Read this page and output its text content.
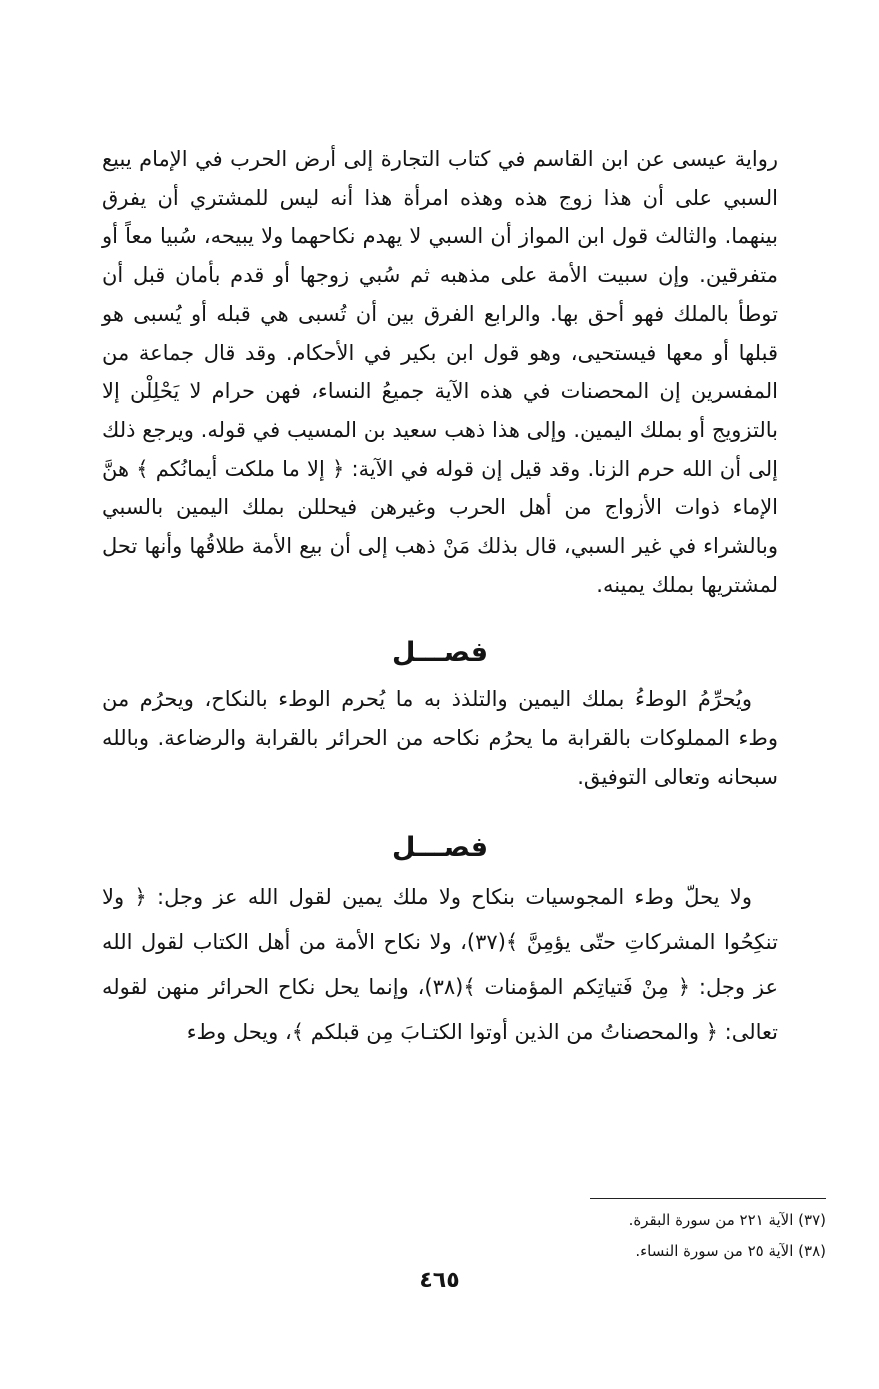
رواية عيسى عن ابن القاسم في كتاب التجارة إلى أرض الحرب في الإمام يبيع السبي على أن هذا زوج هذه وهذه امرأة هذا أنه ليس للمشتري أن يفرق بينهما. والثالث قول ابن المواز أن السبي لا يهدم نكاحهما ولا يبيحه، سُبيا معاً أو متفرقين. وإن سبيت الأمة على مذهبه ثم سُبي زوجها أو قدم بأمان قبل أن توطأ بالملك فهو أحق بها. والرابع الفرق بين أن تُسبى هي قبله أو يُسبى هو قبلها أو معها فيستحيى، وهو قول ابن بكير في الأحكام. وقد قال جماعة من المفسرين إن المحصنات في هذه الآية جميعُ النساء، فهن حرام لا يَحْلِلْن إلا بالتزويج أو بملك اليمين. وإلى هذا ذهب سعيد بن المسيب في قوله. ويرجع ذلك إلى أن الله حرم الزنا. وقد قيل إن قوله في الآية: ﴿ إلا ما ملكت أيمانُكم ﴾ هنَّ الإماء ذوات الأزواج من أهل الحرب وغيرهن فيحللن بملك اليمين بالسبي وبالشراء في غير السبي، قال بذلك مَنْ ذهب إلى أن بيع الأمة طلاقُها وأنها تحل لمشتريها بملك يمينه.

فصـــل

ويُحرِّمُ الوطءُ بملك اليمين والتلذذ به ما يُحرم الوطء بالنكاح، ويحرُم من وطء المملوكات بالقرابة ما يحرُم نكاحه من الحرائر بالقرابة والرضاعة. وبالله سبحانه وتعالى التوفيق.

فصـــل

ولا يحلّ وطء المجوسيات بنكاح ولا ملك يمين لقول الله عز وجل: ﴿ ولا تنكِحُوا المشركاتِ حتّى يؤمِنَّ ﴾(٣٧)، ولا نكاح الأمة من أهل الكتاب لقول الله عز وجل: ﴿ مِنْ فَتياتِكم المؤمنات ﴾(٣٨)، وإنما يحل نكاح الحرائر منهن لقوله تعالى: ﴿ والمحصناتُ من الذين أوتوا الكتـابَ مِن قبلكم ﴾، ويحل وطء

(٣٧) الآية ٢٢١ من سورة البقرة.

(٣٨) الآية ٢٥ من سورة النساء.

٤٦٥
